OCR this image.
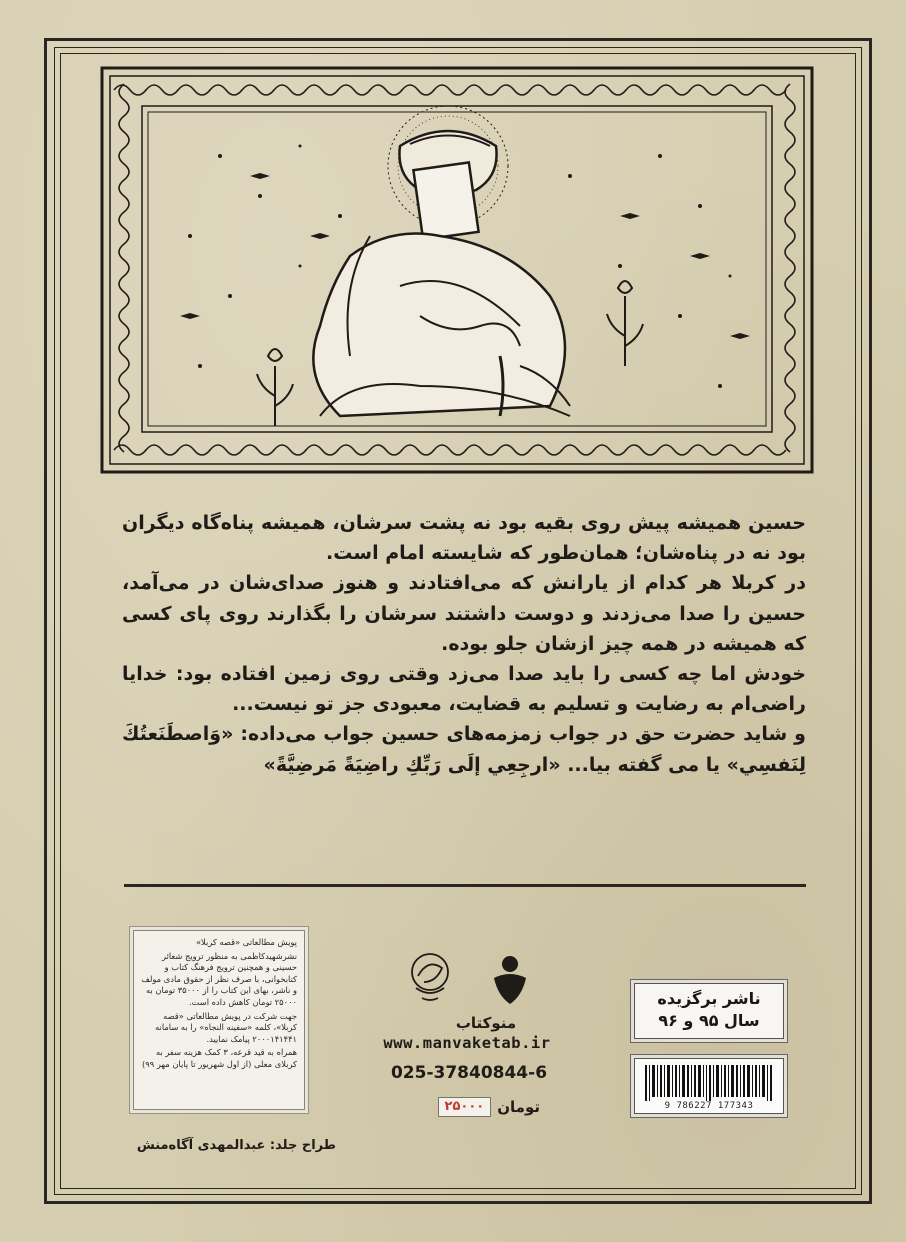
حسین همیشه پیش روی بقیه بود نه پشت سرشان، همیشه پناه‌گاه دیگران بود نه در پناه‌شان؛ همان‌طور که شایسته امام است.

در کربلا هر کدام از یارانش که می‌افتادند و هنوز صدای‌شان در می‌آمد، حسین را صدا می‌زدند و دوست داشتند سرشان را بگذارند روی پای کسی که همیشه در همه چیز ازشان جلو بوده.

خودش اما چه کسی را باید صدا می‌زد وقتی روی زمین افتاده بود: خدایا راضی‌ام به رضایت و تسلیم به قضایت، معبودی جز تو نیست...

و شاید حضرت حق در جواب زمزمه‌های حسین جواب می‌داده: «وَاصطَنَعتُكَ لِنَفسِي» یا می گفته بیا... «ارجِعِي إلَى رَبِّكِ راضِيَةً مَرضِيَّةً»

پویش مطالعاتی «قصه کربلا»

نشرشهیدکاظمی به منظور ترویج شعائر حسینی و همچنین ترویج فرهنگ کتاب و کتابخوانی، با صرف نظر از حقوق مادی مولف و ناشر، بهای این کتاب را از ۳۵۰۰۰ تومان به ۲۵۰۰۰ تومان کاهش داده است.

جهت شرکت در پویش مطالعاتی «قصه کربلا»، کلمه «سفینه النجاه» را به سامانه ۲۰۰۰۱۴۱۴۴۱ پیامک نمایید.

همراه به قید قرعه، ۳ کمک هزینه سفر به کربلای معلی (از اول شهریور تا پایان مهر ۹۹)

طراح جلد: عبدالمهدی آگاه‌منش
منوکتاب
www.manvaketab.ir
025-37840844-6
تومان
۲۵۰۰۰
ناشر برگزیده
سال ۹۵ و ۹۶
9 786227 177343
